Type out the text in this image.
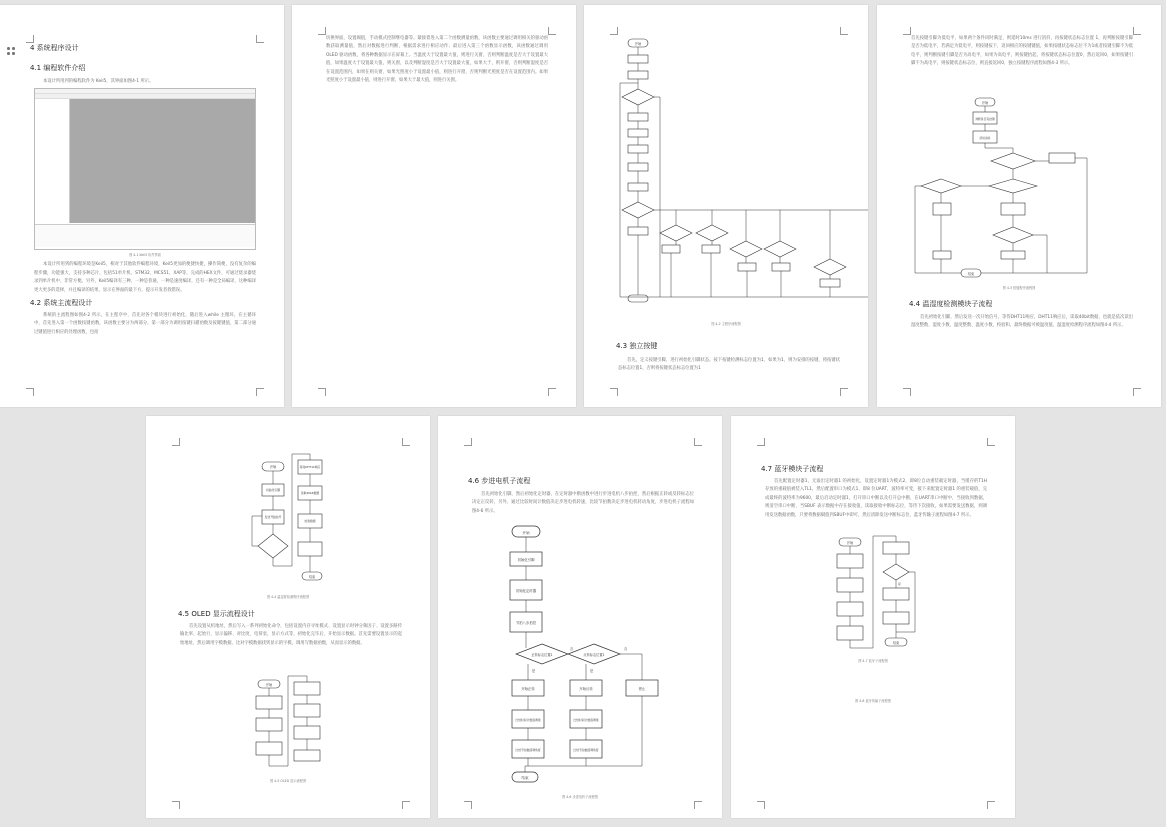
4 系统程序设计

4.1 编程软件介绍

本设计所用到的编程软件为 Keil5，其界面如图4-1 所示。

图 4-1 Keil5 软件界面

本设计所用到的编程环境是Keil5，相对于其他软件编程环境，Keil5更加的便捷快捷，操作简便，没有复杂的编程步骤，功能强大，支持多种芯片，包括51单片机、STM32、MCS51、XAP等，完成的HEX文件，可通过烧录器烧录到单片机中，非常方便。另外，Keil5编译有三种，一种是普通，一种是速度编译，还有一种是全局编译，这种编译更大更多的选择，并且编译的结果，显示在界面的最下方，提示开发者找错误。

4.2 系统主流程设计

系统的主流程图如图4-2 所示。在主程序中，首先对各个模块进行初始化，随后进入while 主循环，在主循环中，首先进入第一个函数按键函数，该函数主要分为两部分，第一部分为调用按键扫描函数及按键键值，第二部分通过键值进行相应的处理函数，包括

切换界面，设置阈值，手动模式控制继电器等。紧接着进入第二个函数测量函数，该函数主要通过调用相关的驱动函数获取测量值，然后对数据进行判断，根据需求进行相应动作；最后进入第三个函数显示函数，该函数通过调用OLED 驱动函数，将各种数据显示在屏幕上。当温度大于设置最大值，则进行关窗，否则判断温度是否大于设置最大值，如果温度大于设置最大值，则关窗，以及判断湿度是否大于设置最大值，如果大于，则开窗，否则判断湿度是否在设置范围内，如果在则关窗，如果光照度小于设置最小值，则进行开窗，否则判断光照度是否在设置范围内。如果光照度小于设置最小值，则进行开窗，如果大于最大值，则进行关窗。

开始

图 4-2 主程序流程图

4.3 独立按键

首先，定义按键引脚，进行初始化引脚状态。按下按键检测标志位置为1，如果为1，则为安排的按键，将按键状态标志位置1，否则将按键状态标志位置为1

首先按键引脚为低电平，如果两个条件同时满足，则延时10ms 进行消抖，再按键状态标志位置 1，再判断按键引脚是否为低电平，若满足为低电平，则按键按下，返回相应的按键键值，如果按键状态标志位不为1或者按键引脚不为低电平，则判断按键引脚是否为高电平，如果为高电平，则按键抬起，将按键状态标志位置0，然后返回0，如果按键引脚不为高电平，则按键状态标志位，则直接返回0，独立按键程序流程如图4-3 所示。

开始
判断是否有按键
延时消抖
结束

图 4-3 按键程序流程图

4.4 温湿度检测模块子流程

首先初始化引脚，然后发送一次开始信号，等待DHT11响应，DHT11响应后，读取40bit数据，也就是依次读出湿度整数、湿度小数、温度整数、温度小数、校验和，最终数据可被温度值，温湿度检测程序流程如图4-4 所示。

开始
初始化引脚
发送开始信号
等待DHT11响应
读取40bit数据
校验数据
结束
开始

图 4-4 温湿度检测程序流程图

4.5 OLED 显示流程设计

首先设置从机地址，然后写入一系列初始化命令，包括设置内存寻址模式、设置显示时钟分频因子、设置多路传输比率、起始行、显示偏移、对比度、电荷泵，显示方式等，初始化完毕后，开始显示数据。首先需要设置显示的起始地址，然后调用字模数据，比对字模数据找到显示的字模，调用写数据函数，从而显示的数据。

图 4-5 OLED 显示流程图

4.6 步进电机子流程

首先初始化引脚，然后初始化定时器，在定时器中断函数中进行步进电机八步拍控，然后根据正转或反转标志位决定正反转，另外，通过比较时间计数值决定步进电机转速，比较节拍数决定步进电机转动角度，步进电机子流程如图4-6 所示。

开始
初始化引脚
初始化定时器
节拍八步拍控
正转标志位置1	反转标志位置1
是	是
否	否
开始正转	开始反转	停止
比较时间计数值调速	比较时间计数值调速
比较节拍数值调角度	比较节拍数值调角度
结束

图 4-6 步进电机子流程图

4.7 蓝牙模块子流程

首先配置定时器1，无溢出定时器1 的初始化，设置定时器1为模式2，即8位自动重装载定时器，当缓存的T1H 存放的重载值被装入TL1，然后配置串口为模式1，即8 位UART，波特率可变，接下来配置定时器1 的重装载值，完成最终的波特率为9600，最后启动定时器1，打开串口中断以及打开总中断，在UART串口中断中，当接收到数据，则清空串口中断，当SBUF 表示数据中存在接收值，读取接收中断标志位，等待下次接收，如果需要发送数据，则调用发送数据函数，只要将数据赋值到SBUF中即可，然后清除发送中断标志位，蓝牙传输子流程如图4-7 所示。

开始
是
结束

图 4-7 蓝牙子流程图

图 4-8 蓝牙传输子流程图
